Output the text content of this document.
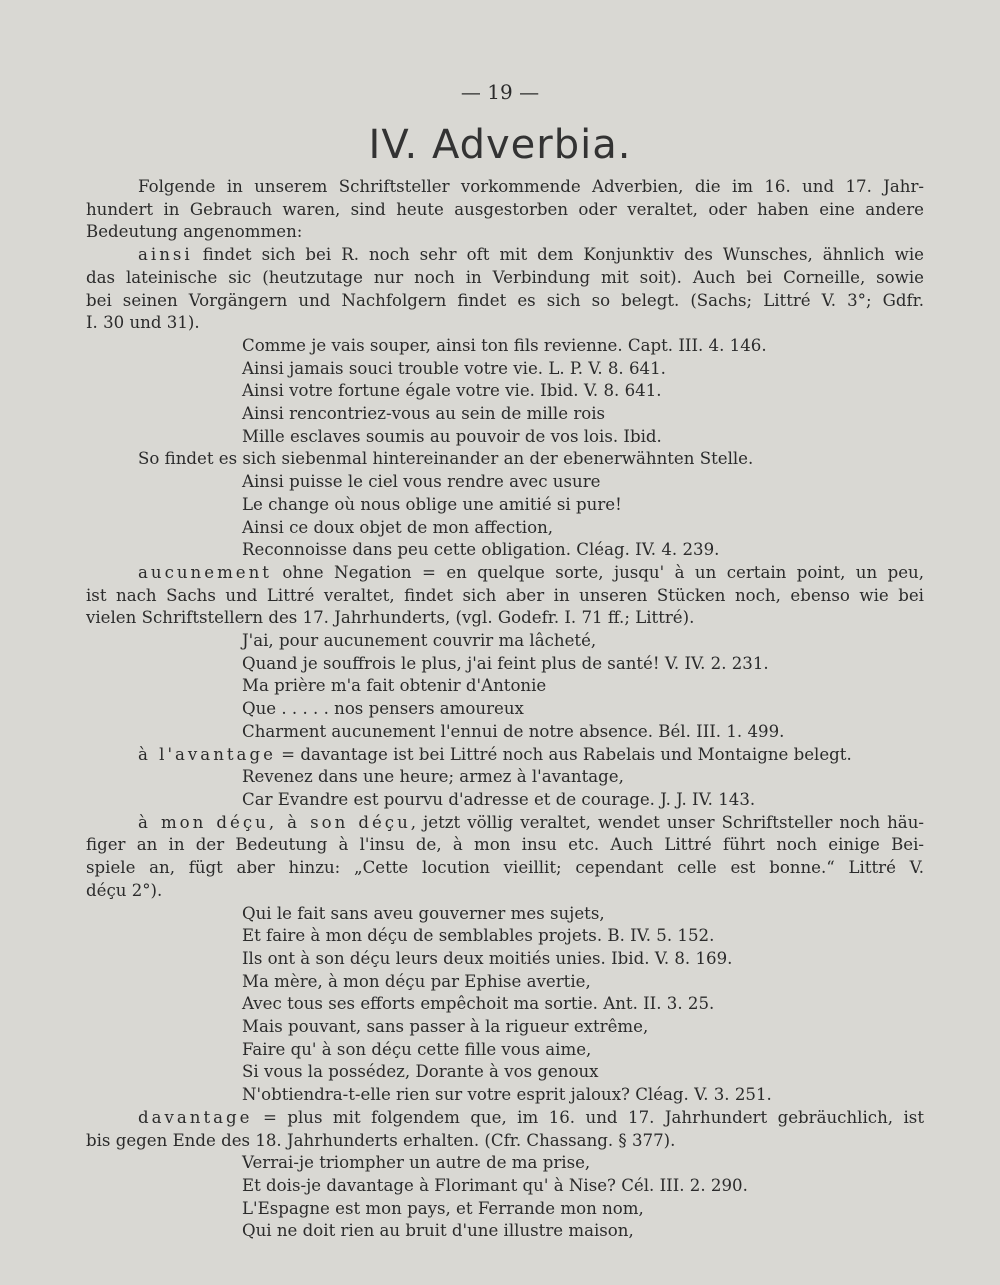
— 19 —
IV. Adverbia.

Folgende in unserem Schriftsteller vorkommende Adverbien, die im 16. und 17. Jahr-

hundert in Gebrauch waren, sind heute ausgestorben oder veraltet, oder haben eine andere

Bedeutung angenommen:

ainsi findet sich bei R. noch sehr oft mit dem Konjunktiv des Wunsches, ähnlich wie

das lateinische sic (heutzutage nur noch in Verbindung mit soit). Auch bei Corneille, sowie

bei seinen Vorgängern und Nachfolgern findet es sich so belegt. (Sachs; Littré V. 3°; Gdfr.

I. 30 und 31).

Comme je vais souper, ainsi ton fils revienne. Capt. III. 4. 146.

Ainsi jamais souci trouble votre vie. L. P. V. 8. 641.

Ainsi votre fortune égale votre vie. Ibid. V. 8. 641.

Ainsi rencontriez-vous au sein de mille rois

Mille esclaves soumis au pouvoir de vos lois. Ibid.

So findet es sich siebenmal hintereinander an der ebenerwähnten Stelle.

Ainsi puisse le ciel vous rendre avec usure

Le change où nous oblige une amitié si pure!

Ainsi ce doux objet de mon affection,

Reconnoisse dans peu cette obligation. Cléag. IV. 4. 239.

aucunement ohne Negation = en quelque sorte, jusqu' à un certain point, un peu,

ist nach Sachs und Littré veraltet, findet sich aber in unseren Stücken noch, ebenso wie bei

vielen Schriftstellern des 17. Jahrhunderts, (vgl. Godefr. I. 71 ff.; Littré).

J'ai, pour aucunement couvrir ma lâcheté,

Quand je souffrois le plus, j'ai feint plus de santé! V. IV. 2. 231.

Ma prière m'a fait obtenir d'Antonie

Que . . . . . nos pensers amoureux

Charment aucunement l'ennui de notre absence. Bél. III. 1. 499.

à l'avantage = davantage ist bei Littré noch aus Rabelais und Montaigne belegt.

Revenez dans une heure; armez à l'avantage,

Car Evandre est pourvu d'adresse et de courage. J. J. IV. 143.

à mon déçu, à son déçu, jetzt völlig veraltet, wendet unser Schriftsteller noch häu-

figer an in der Bedeutung à l'insu de, à mon insu etc. Auch Littré führt noch einige Bei-

spiele an, fügt aber hinzu: „Cette locution vieillit; cependant celle est bonne.“ Littré V.

déçu 2°).

Qui le fait sans aveu gouverner mes sujets,

Et faire à mon déçu de semblables projets. B. IV. 5. 152.

Ils ont à son déçu leurs deux moitiés unies. Ibid. V. 8. 169.

Ma mère, à mon déçu par Ephise avertie,

Avec tous ses efforts empêchoit ma sortie. Ant. II. 3. 25.

Mais pouvant, sans passer à la rigueur extrême,

Faire qu' à son déçu cette fille vous aime,

Si vous la possédez, Dorante à vos genoux

N'obtiendra-t-elle rien sur votre esprit jaloux? Cléag. V. 3. 251.

davantage = plus mit folgendem que, im 16. und 17. Jahrhundert gebräuchlich, ist

bis gegen Ende des 18. Jahrhunderts erhalten. (Cfr. Chassang. § 377).

Verrai-je triompher un autre de ma prise,

Et dois-je davantage à Florimant qu' à Nise? Cél. III. 2. 290.

L'Espagne est mon pays, et Ferrande mon nom,

Qui ne doit rien au bruit d'une illustre maison,
